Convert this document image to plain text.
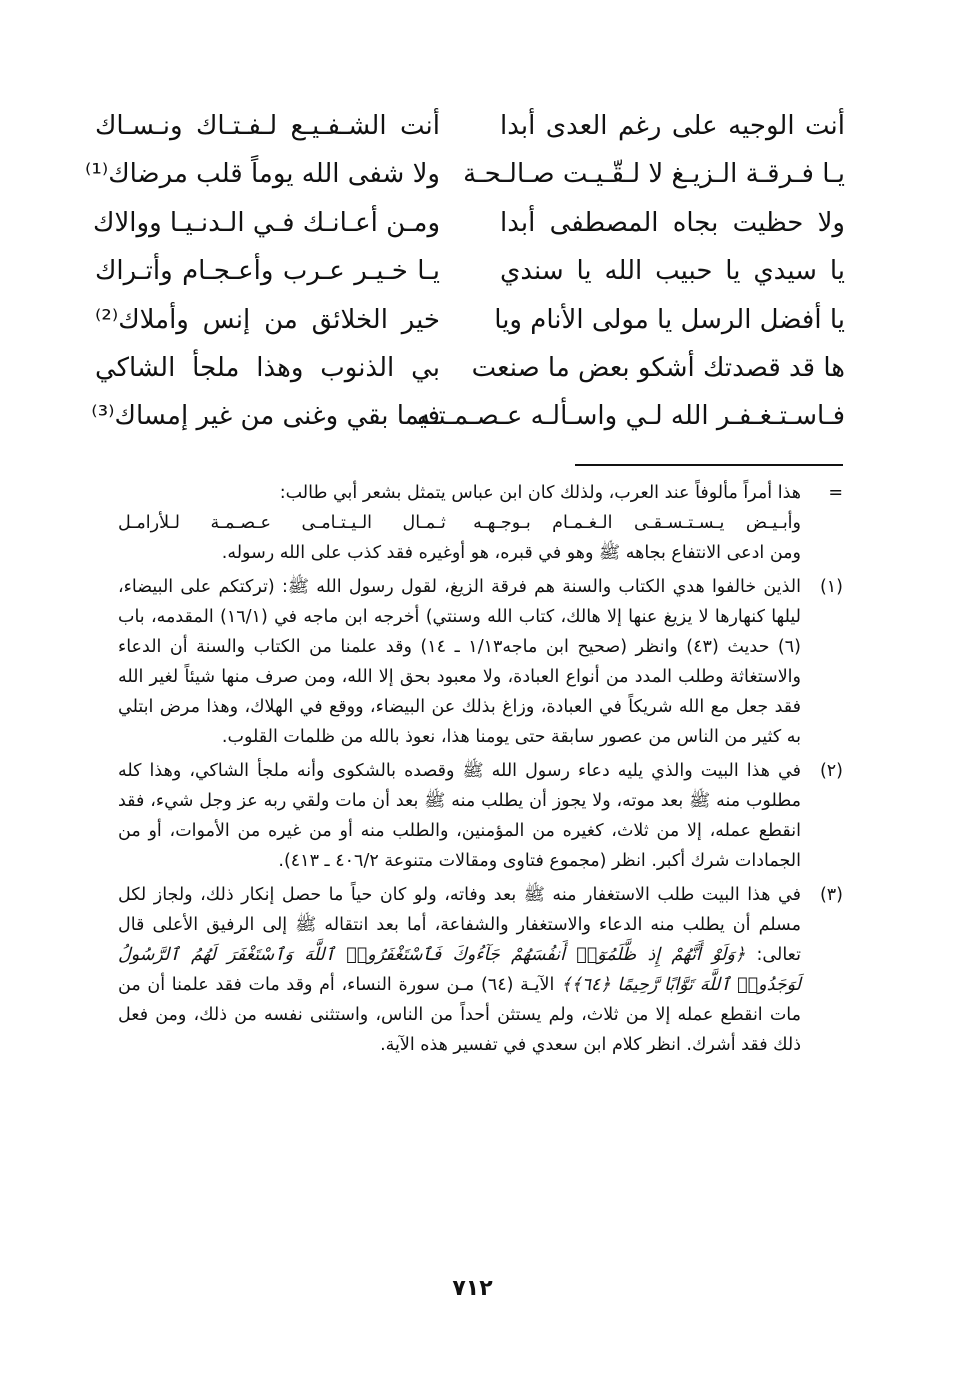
أنت الوجيه على رغم العدى أبدا
أنت الشـفـيـع لـفـتـاك ونـسـاك
يـا فـرقـة الـزيـغ لا لـقّـيـت صـالـحـة
ولا شفى الله يوماً قلب مرضاك⁽¹⁾
ولا حظيت بجاه المصطفى أبدا
ومـن أعـانـك فـي الـدنـيـا ووالاك
يا سيدي يا حبيب الله يا سندي
يـا خـيـر عـرب وأعـجـام وأتـراك
يا أفضل الرسل يا مولى الأنام ويا
خير الخلائق من إنس وأملاك⁽²⁾
ها قد قصدتك أشكو بعض ما صنعت
بي الذنوب وهذا ملجأ الشاكي
فـاسـتـغـفـر الله لـي واسـألـه عـصـمـتـه
فيما بقي وغنى من غير إمساك⁽³⁾
=

هذا أمراً مألوفاً عند العرب، ولذلك كان ابن عباس يتمثل بشعر أبي طالب:

وأبـيـض يـسـتـسـقـى الـغـمـام بـوجـهـه
ثـمـال الـيـتـامـى عـصـمـة لـلأرامـل

ومن ادعى الانتفاع بجاهه ﷺ وهو في قبره، هو أوغيره فقد كذب على الله رسوله.

(١)

الذين خالفوا هدي الكتاب والسنة هم فرقة الزيغ، لقول رسول الله ﷺ: (تركتكم على البيضاء، ليلها كنهارها لا يزيغ عنها إلا هالك، كتاب الله وسنتي) أخرجه ابن ماجه في (١٦/١) المقدمه، باب (٦) حديث (٤٣) وانظر (صحيح ابن ماجه١/١٣ ـ ١٤) وقد علمنا من الكتاب والسنة أن الدعاء والاستغاثة وطلب المدد من أنواع العبادة، ولا معبود بحق إلا الله، ومن صرف منها شيئاً لغير الله فقد جعل مع الله شريكاً في العبادة، وزاغ بذلك عن البيضاء، ووقع في الهلاك، وهذا مرض ابتلي به كثير من الناس من عصور سابقة حتى يومنا هذا، نعوذ بالله من ظلمات القلوب.

(٢)

في هذا البيت والذي يليه دعاء رسول الله ﷺ وقصده بالشكوى وأنه ملجأ الشاكي، وهذا كله مطلوب منه ﷺ بعد موته، ولا يجوز أن يطلب منه ﷺ بعد أن مات ولقي ربه عز وجل شيء، فقد انقطع عمله، إلا من ثلاث، كغيره من المؤمنين، والطلب منه أو من غيره من الأموات، أو من الجمادات شرك أكبر. انظر (مجموع فتاوى ومقالات متنوعة ٤٠٦/٢ ـ ٤١٣).

(٣)

في هذا البيت طلب الاستغفار منه ﷺ بعد وفاته، ولو كان حياً ما حصل إنكار ذلك، ولجاز لكل مسلم أن يطلب منه الدعاء والاستغفار والشفاعة، أما بعد انتقاله ﷺ إلى الرفيق الأعلى قال تعالى: ﴿وَلَوْ أَنَّهُمْ إِذ ظَّلَمُوٓا۟ أَنفُسَهُمْ جَآءُوكَ فَٱسْتَغْفَرُوا۟ ٱللَّهَ وَٱسْتَغْفَرَ لَهُمُ ٱلرَّسُولُ لَوَجَدُوا۟ ٱللَّهَ تَوَّابًا رَّحِيمًا ﴿٦٤﴾﴾ الآيـة (٦٤) مـن سورة النساء، أم وقد مات فقد علمنا أن من مات انقطع عمله إلا من ثلاث، ولم يستثن أحداً من الناس، واستثنى نفسه من ذلك، ومن فعل ذلك فقد أشرك. انظر كلام ابن سعدي في تفسير هذه الآية.

٧١٢
